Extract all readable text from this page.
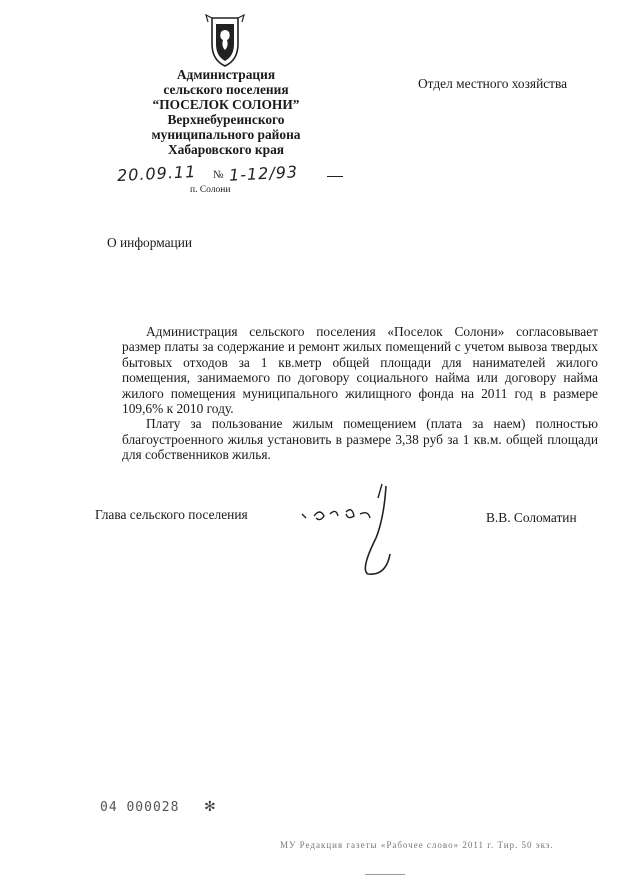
Администрация
сельского поселения
“ПОСЕЛОК СОЛОНИ”
Верхнебуреинского
муниципального района
Хабаровского края
20.09.11 № 1-12/93
п. Солони
Отдел местного хозяйства
О информации

Администрация сельского поселения «Поселок Солони» согласовывает размер платы за содержание и ремонт жилых помещений с учетом вывоза твердых бытовых отходов за 1 кв.метр общей площади для нанимателей жилого помещения, занимаемого по договору социального найма или договору найма жилого помещения муниципального жилищного фонда на 2011 год в размере 109,6% к 2010 году.

Плату за пользование жилым помещением (плата за наем) полностью благоустроенного жилья установить в размере 3,38 руб за 1 кв.м. общей площади для собственников жилья.

Глава сельского поселения	В.В. Соломатин
04 000028 ✻
МУ Редакция газеты «Рабочее слово» 2011 г. Тир. 50 экз.
